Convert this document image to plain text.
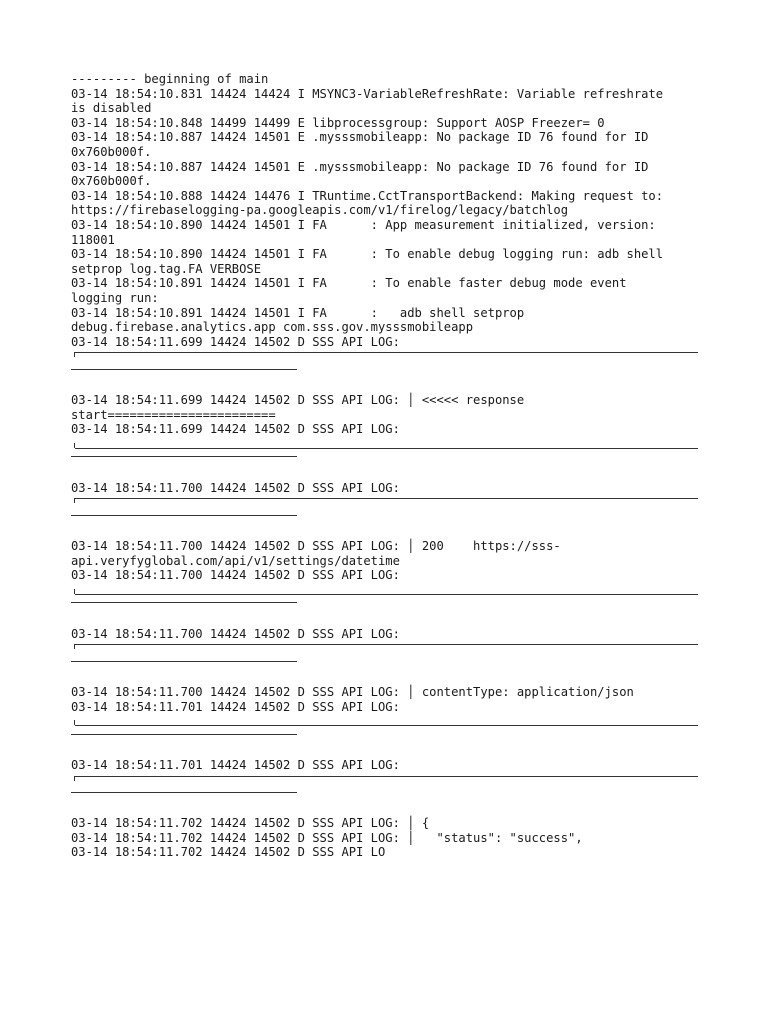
--------- beginning of main
03-14 18:54:10.831 14424 14424 I MSYNC3-VariableRefreshRate: Variable refreshrate
is disabled
03-14 18:54:10.848 14499 14499 E libprocessgroup: Support AOSP Freezer= 0
03-14 18:54:10.887 14424 14501 E .mysssmobileapp: No package ID 76 found for ID
0x760b000f.
03-14 18:54:10.887 14424 14501 E .mysssmobileapp: No package ID 76 found for ID
0x760b000f.
03-14 18:54:10.888 14424 14476 I TRuntime.CctTransportBackend: Making request to:
https://firebaselogging-pa.googleapis.com/v1/firelog/legacy/batchlog
03-14 18:54:10.890 14424 14501 I FA      : App measurement initialized, version:
118001
03-14 18:54:10.890 14424 14501 I FA      : To enable debug logging run: adb shell
setprop log.tag.FA VERBOSE
03-14 18:54:10.891 14424 14501 I FA      : To enable faster debug mode event
logging run:
03-14 18:54:10.891 14424 14501 I FA      :   adb shell setprop
debug.firebase.analytics.app com.sss.gov.mysssmobileapp
03-14 18:54:11.699 14424 14502 D SSS API LOG:
03-14 18:54:11.699 14424 14502 D SSS API LOG: │ <<<<< response
start=======================
03-14 18:54:11.699 14424 14502 D SSS API LOG:
03-14 18:54:11.700 14424 14502 D SSS API LOG:
03-14 18:54:11.700 14424 14502 D SSS API LOG: │ 200    https://sss-
api.veryfyglobal.com/api/v1/settings/datetime
03-14 18:54:11.700 14424 14502 D SSS API LOG:
03-14 18:54:11.700 14424 14502 D SSS API LOG:
03-14 18:54:11.700 14424 14502 D SSS API LOG: │ contentType: application/json
03-14 18:54:11.701 14424 14502 D SSS API LOG:
03-14 18:54:11.701 14424 14502 D SSS API LOG:
03-14 18:54:11.702 14424 14502 D SSS API LOG: │ {
03-14 18:54:11.702 14424 14502 D SSS API LOG: │   "status": "success",
03-14 18:54:11.702 14424 14502 D SSS API LO
